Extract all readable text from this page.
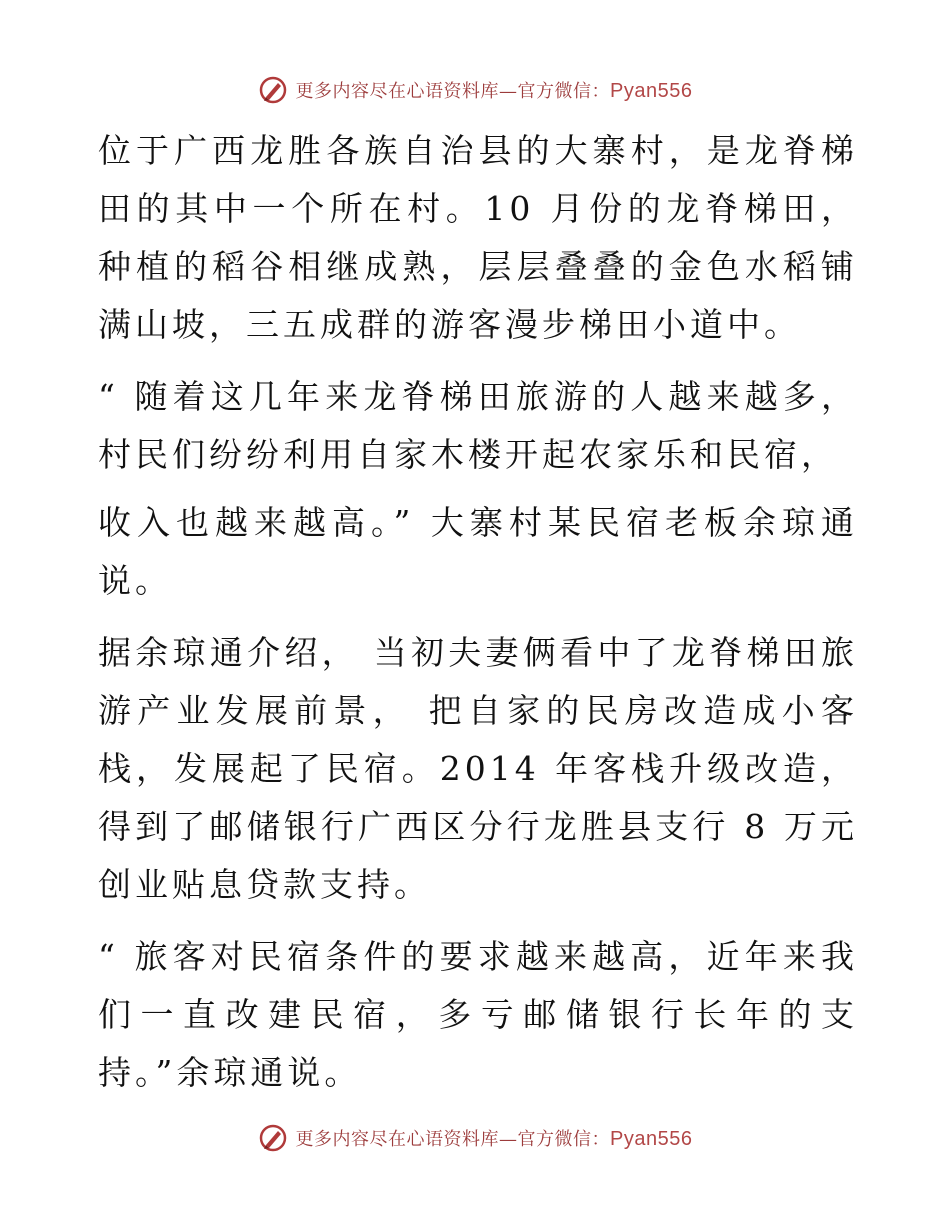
更多内容尽在心语资料库—官方微信：Pyan556

位于广西龙胜各族自治县的大寨村，是龙脊梯田的其中一个所在村。10 月份的龙脊梯田，种植的稻谷相继成熟，层层叠叠的金色水稻铺满山坡，三五成群的游客漫步梯田小道中。

“ 随着这几年来龙脊梯田旅游的人越来越多，村民们纷纷利用自家木楼开起农家乐和民宿，

收入也越来越高。” 大寨村某民宿老板余琼通说。

据余琼通介绍， 当初夫妻俩看中了龙脊梯田旅游产业发展前景， 把自家的民房改造成小客栈，发展起了民宿。2014 年客栈升级改造，得到了邮储银行广西区分行龙胜县支行 8 万元创业贴息贷款支持。

“ 旅客对民宿条件的要求越来越高，近年来我们一直改建民宿，多亏邮储银行长年的支持。”余琼通说。

更多内容尽在心语资料库—官方微信：Pyan556
